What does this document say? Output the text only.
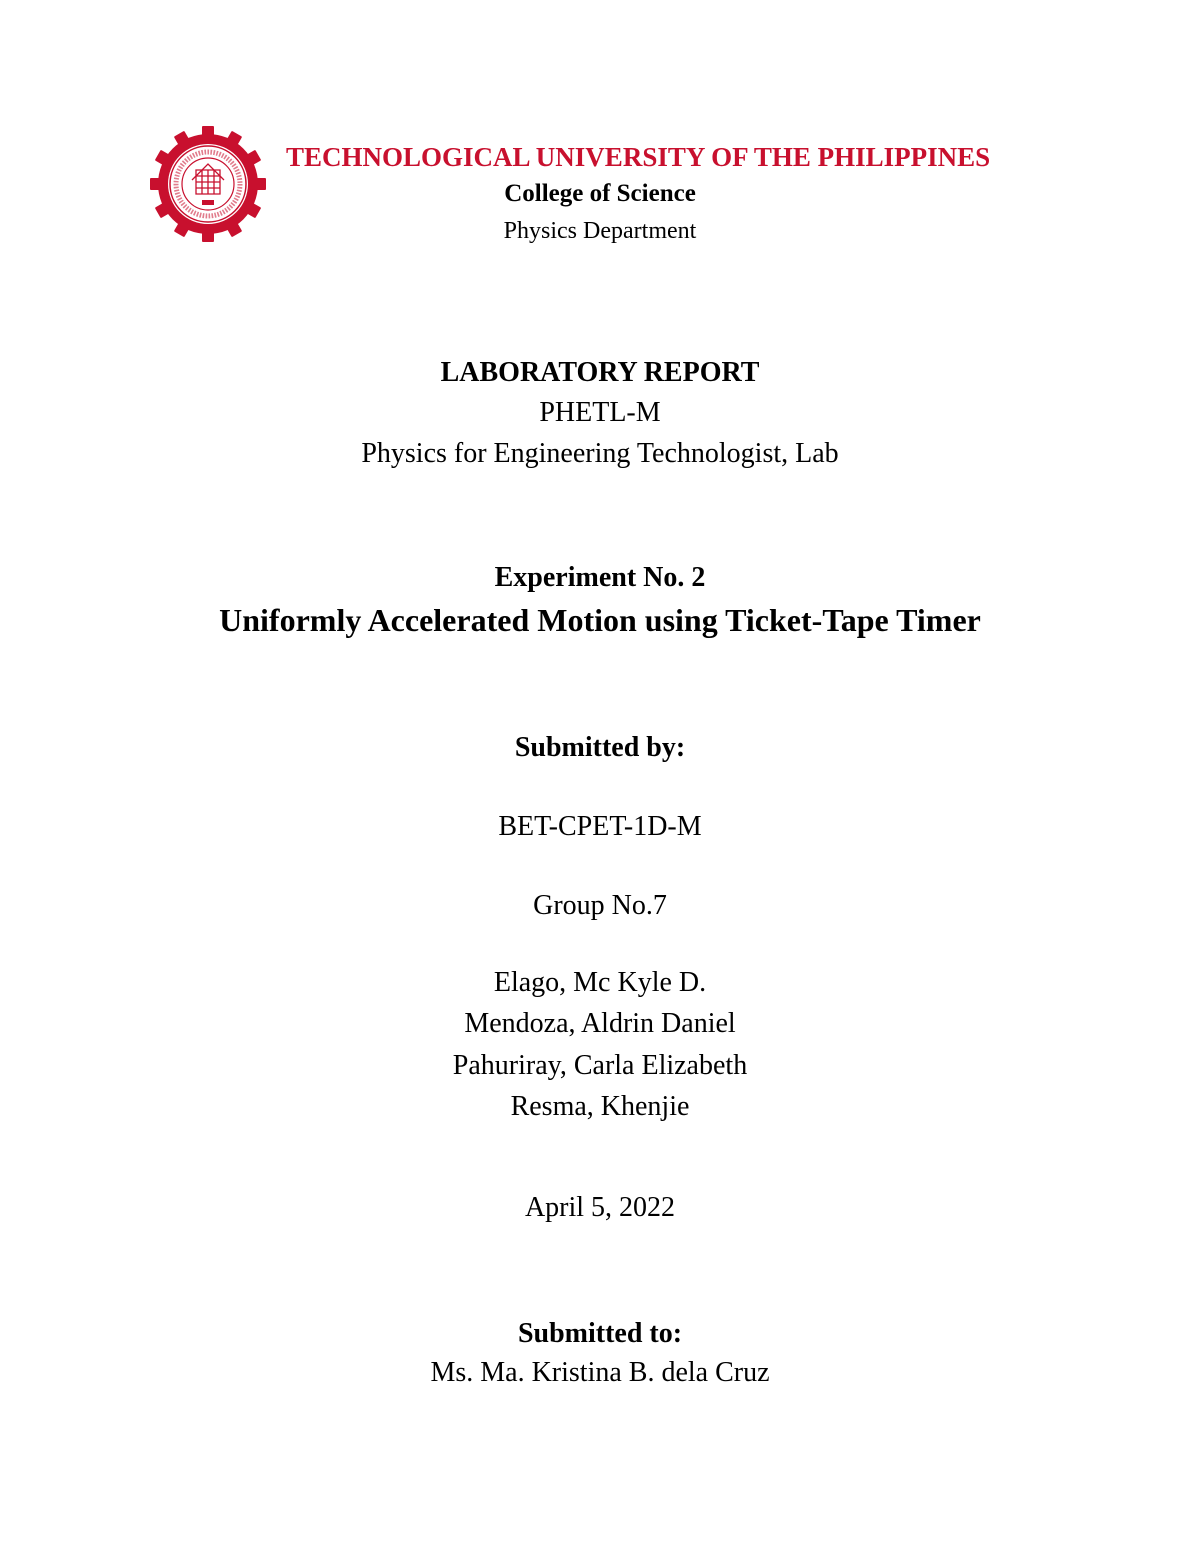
TECHNOLOGICAL UNIVERSITY OF THE PHILIPPINES
College of Science
Physics Department
LABORATORY REPORT
PHETL-M
Physics for Engineering Technologist, Lab
Experiment No. 2
Uniformly Accelerated Motion using Ticket-Tape Timer
Submitted by:
BET-CPET-1D-M
Group No.7
Elago, Mc Kyle D.
Mendoza, Aldrin Daniel
Pahuriray, Carla Elizabeth
Resma, Khenjie
April 5, 2022
Submitted to:
Ms. Ma. Kristina B. dela Cruz
